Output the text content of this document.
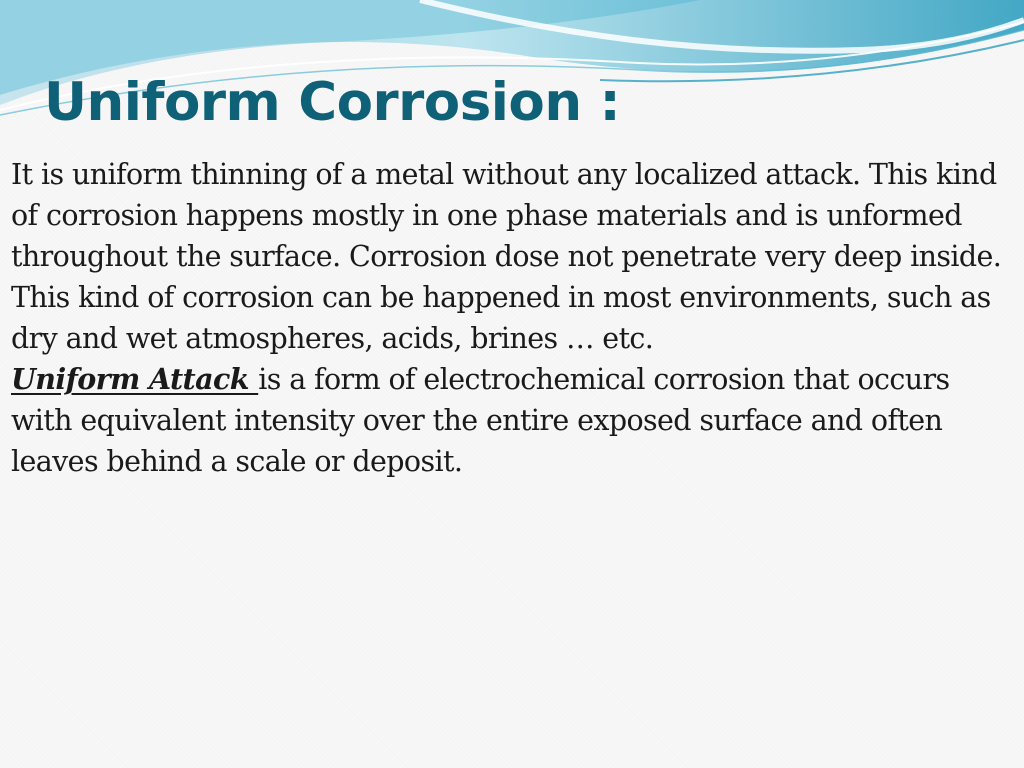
Uniform Corrosion :

It is uniform thinning of a metal without any localized attack. This kind of corrosion happens mostly in one phase materials and is unformed throughout the surface. Corrosion dose not penetrate very deep inside. This kind of corrosion can be happened in most environments, such as dry and wet atmospheres, acids, brines … etc.

Uniform Attack is a form of electrochemical corrosion that occurs with equivalent intensity over the entire exposed surface and often leaves behind a scale or deposit.
